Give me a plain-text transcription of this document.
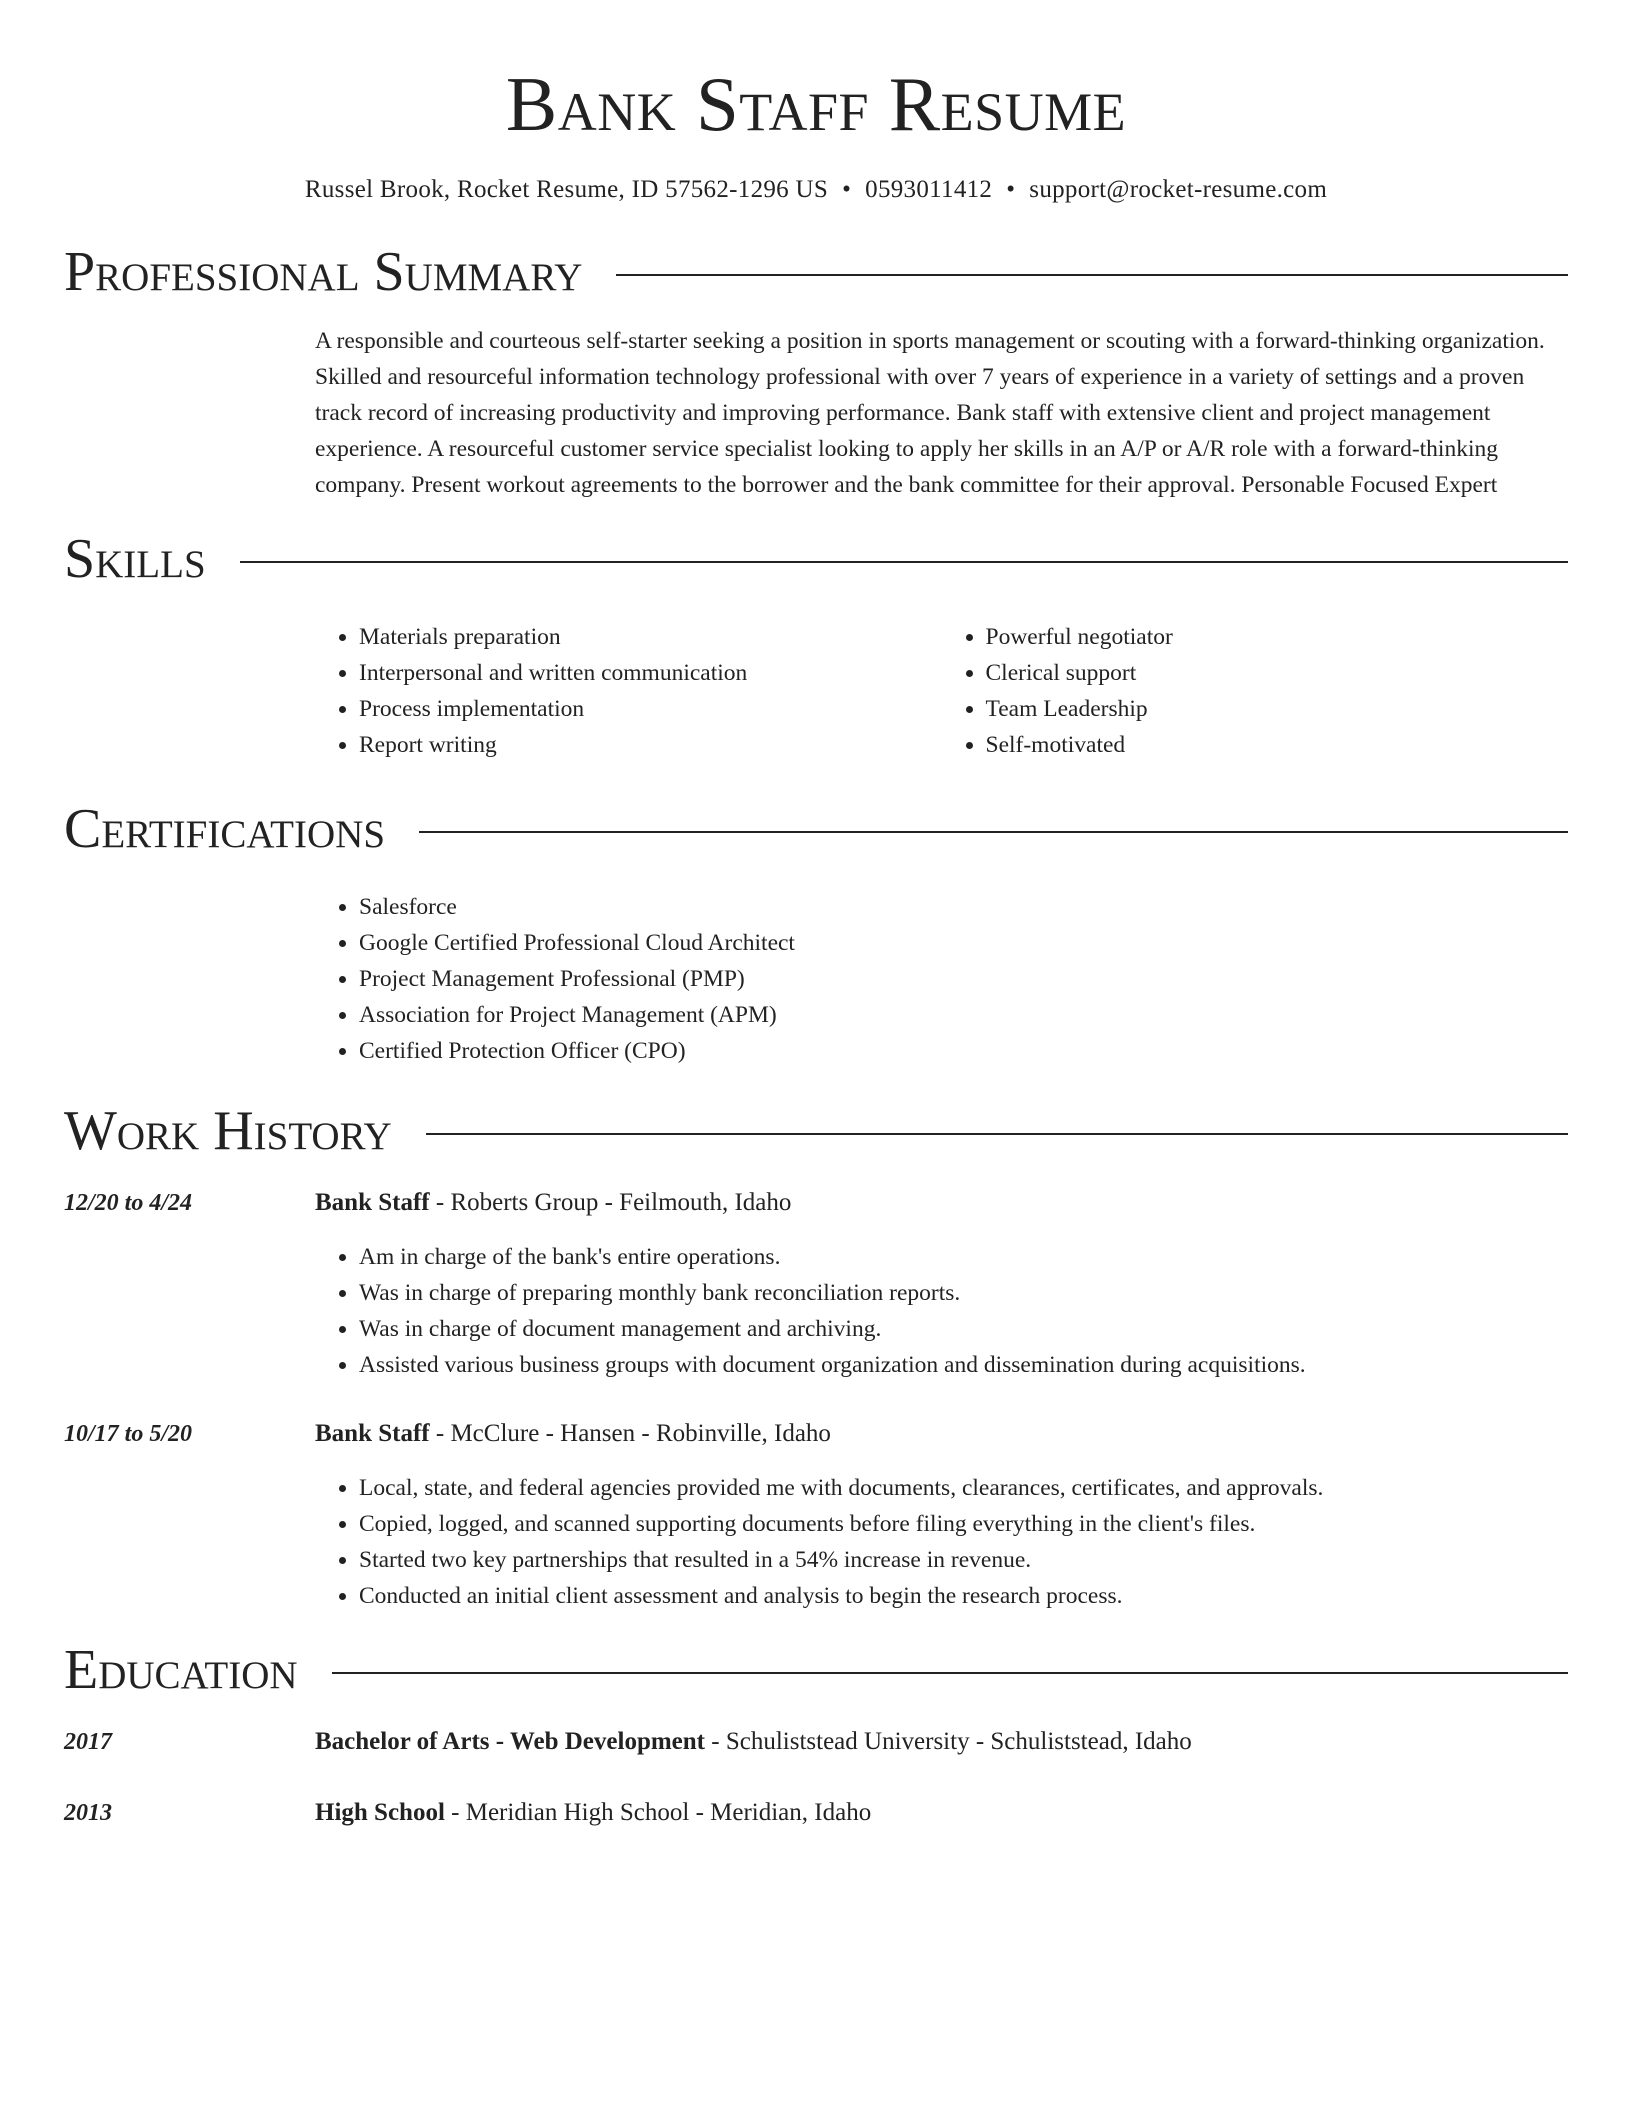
Bank Staff Resume
Russel Brook, Rocket Resume, ID 57562-1296 US • 0593011412 • support@rocket-resume.com
Professional Summary

A responsible and courteous self-starter seeking a position in sports management or scouting with a forward-thinking organization. Skilled and resourceful information technology professional with over 7 years of experience in a variety of settings and a proven track record of increasing productivity and improving performance. Bank staff with extensive client and project management experience. A resourceful customer service specialist looking to apply her skills in an A/P or A/R role with a forward-thinking company. Present workout agreements to the borrower and the bank committee for their approval. Personable Focused Expert

Skills
• Materials preparation
• Interpersonal and written communication
• Process implementation
• Report writing
• Powerful negotiator
• Clerical support
• Team Leadership
• Self-motivated
Certifications
• Salesforce
• Google Certified Professional Cloud Architect
• Project Management Professional (PMP)
• Association for Project Management (APM)
• Certified Protection Officer (CPO)
Work History
12/20 to 4/24	Bank Staff - Roberts Group - Feilmouth, Idaho
• Am in charge of the bank's entire operations.
• Was in charge of preparing monthly bank reconciliation reports.
• Was in charge of document management and archiving.
• Assisted various business groups with document organization and dissemination during acquisitions.
10/17 to 5/20	Bank Staff - McClure - Hansen - Robinville, Idaho
• Local, state, and federal agencies provided me with documents, clearances, certificates, and approvals.
• Copied, logged, and scanned supporting documents before filing everything in the client's files.
• Started two key partnerships that resulted in a 54% increase in revenue.
• Conducted an initial client assessment and analysis to begin the research process.
Education
2017	Bachelor of Arts - Web Development - Schuliststead University - Schuliststead, Idaho
2013	High School - Meridian High School - Meridian, Idaho
